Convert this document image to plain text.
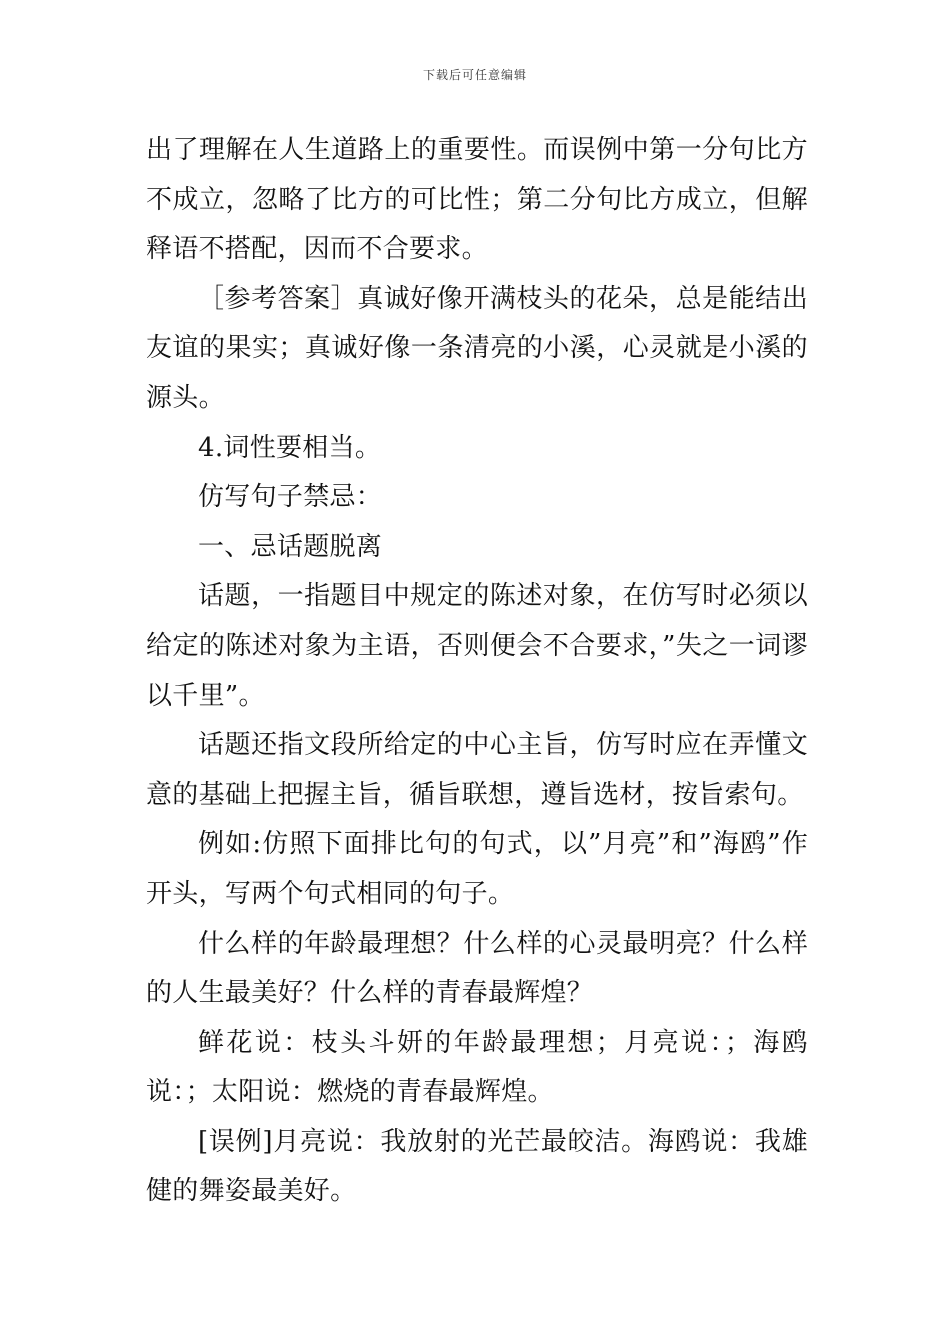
下载后可任意编辑

出了理解在人生道路上的重要性。而误例中第一分句比方不成立，忽略了比方的可比性；第二分句比方成立，但解释语不搭配，因而不合要求。

［参考答案］真诚好像开满枝头的花朵，总是能结出友谊的果实；真诚好像一条清亮的小溪，心灵就是小溪的源头。

4.词性要相当。

仿写句子禁忌：

一、忌话题脱离

话题，一指题目中规定的陈述对象，在仿写时必须以给定的陈述对象为主语，否则便会不合要求，”失之一词谬以千里”。

话题还指文段所给定的中心主旨，仿写时应在弄懂文意的基础上把握主旨，循旨联想，遵旨选材，按旨索句。

例如:仿照下面排比句的句式，以”月亮”和”海鸥”作开头，写两个句式相同的句子。

什么样的年龄最理想？什么样的心灵最明亮？什么样的人生最美好？什么样的青春最辉煌？

鲜花说：枝头斗妍的年龄最理想；月亮说：；海鸥说：；太阳说：燃烧的青春最辉煌。

[误例]月亮说：我放射的光芒最皎洁。海鸥说：我雄健的舞姿最美好。
